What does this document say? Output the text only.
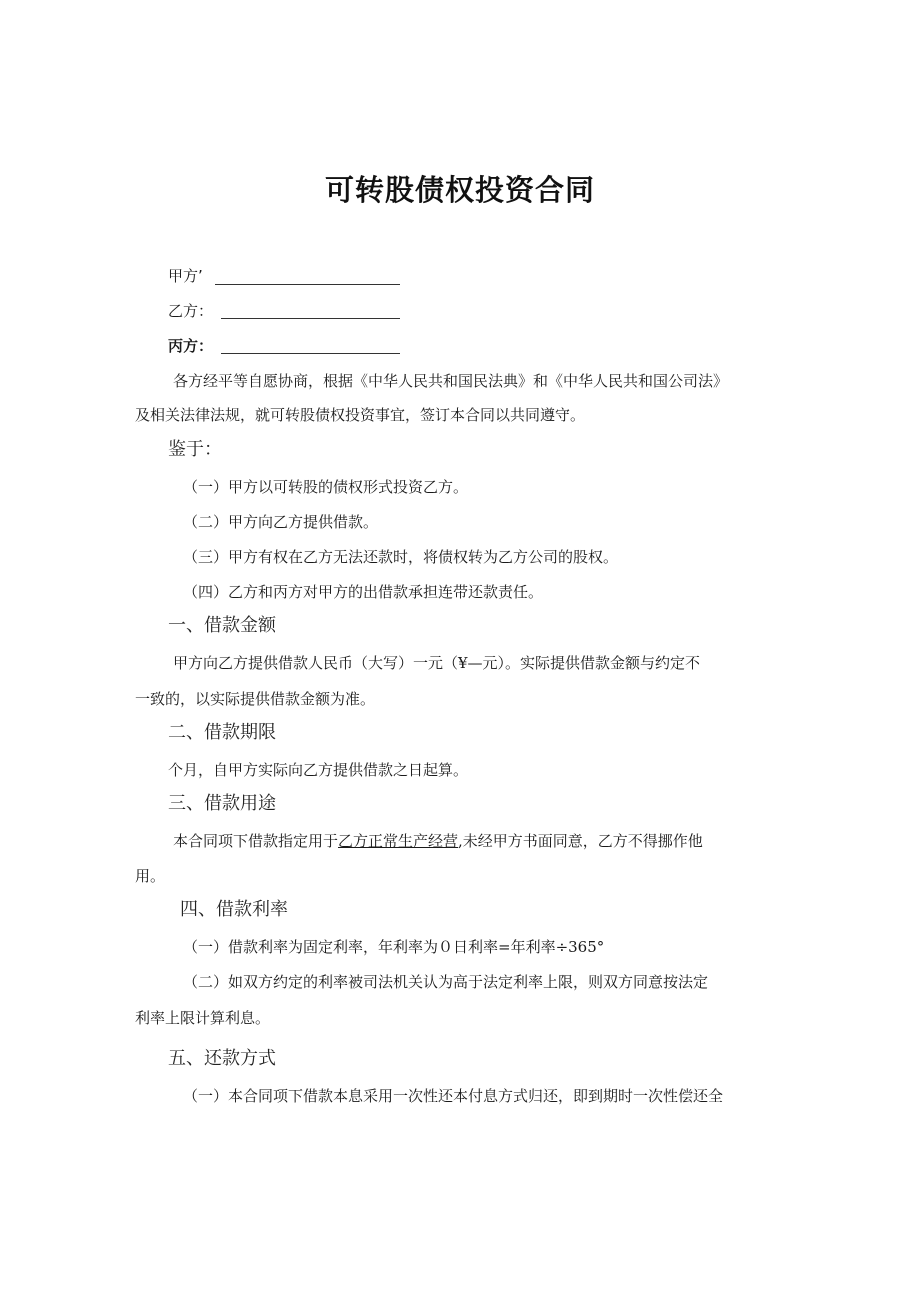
可转股债权投资合同
甲方’
乙方：
丙方：
各方经平等自愿协商，根据《中华人民共和国民法典》和《中华人民共和国公司法》
及相关法律法规，就可转股债权投资事宜，签订本合同以共同遵守。
鉴于：
（一）甲方以可转股的债权形式投资乙方。
（二）甲方向乙方提供借款。
（三）甲方有权在乙方无法还款时，将债权转为乙方公司的股权。
（四）乙方和丙方对甲方的出借款承担连带还款责任。
一、借款金额
甲方向乙方提供借款人民币（大写）一元（¥—元）。实际提供借款金额与约定不
一致的，以实际提供借款金额为准。
二、借款期限
个月，自甲方实际向乙方提供借款之日起算。
三、借款用途
本合同项下借款指定用于乙方正常生产经营,未经甲方书面同意，乙方不得挪作他
用。
四、借款利率
（一）借款利率为固定利率，年利率为０日利率=年利率÷365°
（二）如双方约定的利率被司法机关认为高于法定利率上限，则双方同意按法定
利率上限计算利息。
五、还款方式
（一）本合同项下借款本息采用一次性还本付息方式归还，即到期时一次性偿还全
